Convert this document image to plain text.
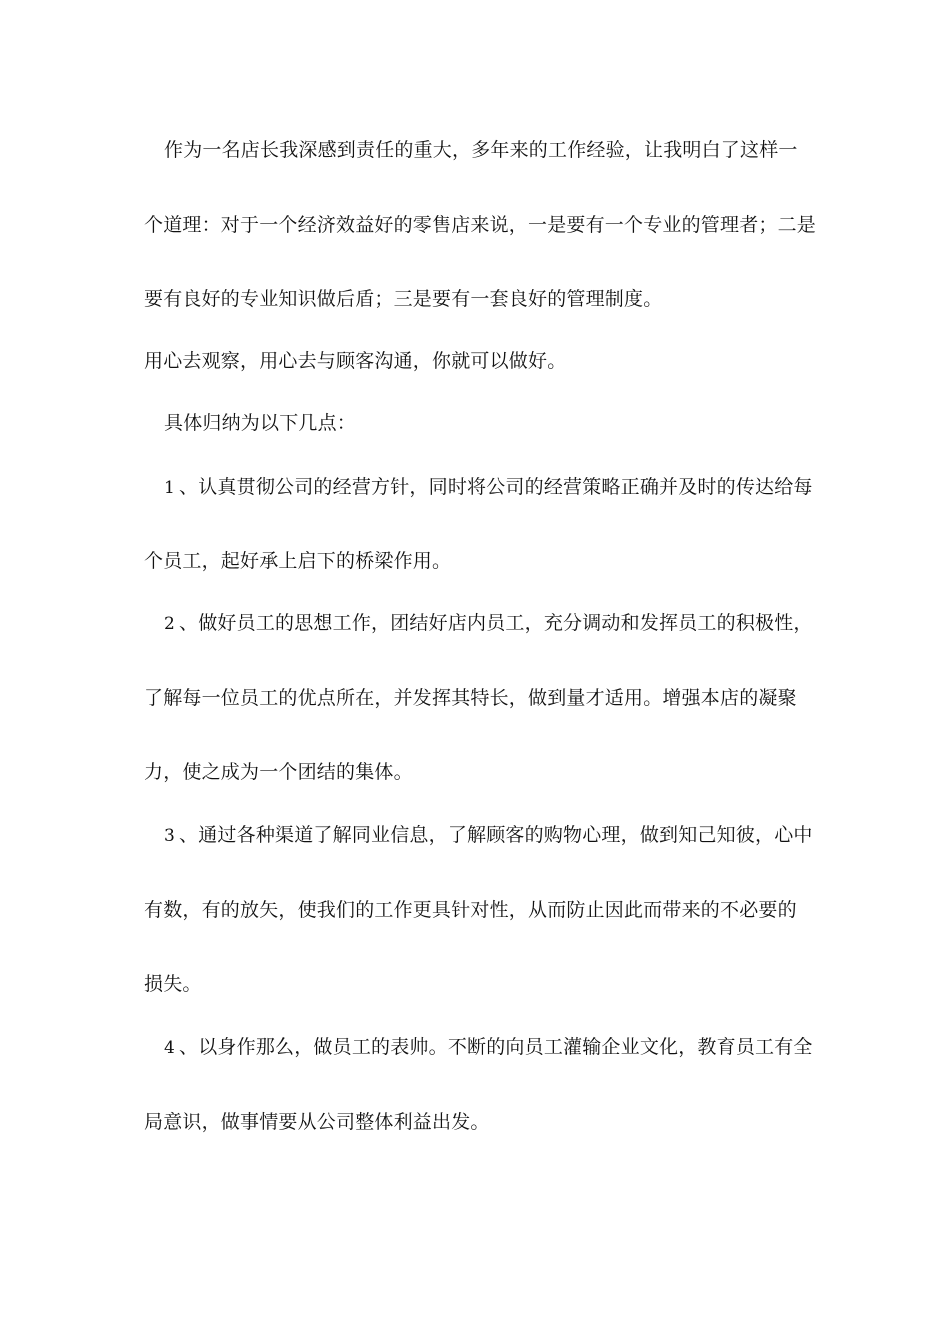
作为一名店长我深感到责任的重大，多年来的工作经验，让我明白了这样一
个道理：对于一个经济效益好的零售店来说，一是要有一个专业的管理者；二是
要有良好的专业知识做后盾；三是要有一套良好的管理制度。
用心去观察，用心去与顾客沟通，你就可以做好。
具体归纳为以下几点：
1 、认真贯彻公司的经营方针，同时将公司的经营策略正确并及时的传达给每
个员工，起好承上启下的桥梁作用。
2 、做好员工的思想工作，团结好店内员工，充分调动和发挥员工的积极性，
了解每一位员工的优点所在，并发挥其特长，做到量才适用。增强本店的凝聚
力，使之成为一个团结的集体。
3 、通过各种渠道了解同业信息，了解顾客的购物心理，做到知己知彼，心中
有数，有的放矢，使我们的工作更具针对性，从而防止因此而带来的不必要的
损失。
4 、以身作那么，做员工的表帅。不断的向员工灌输企业文化，教育员工有全
局意识，做事情要从公司整体利益出发。
